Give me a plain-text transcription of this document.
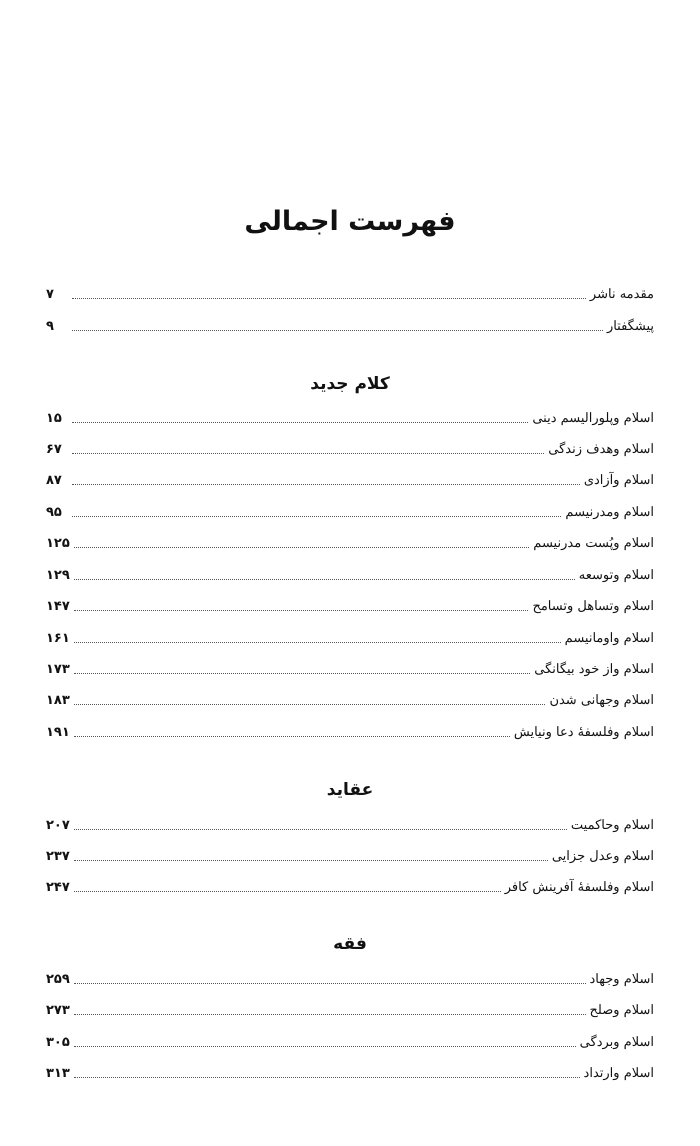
فهرست اجمالی
مقدمه ناشر
۷
پیشگفتار
۹
کلام جدید
اسلام وپلورالیسم دینی
۱۵
اسلام وهدف زندگی
۶۷
اسلام وآزادی
۸۷
اسلام ومدرنیسم
۹۵
اسلام وپُست مدرنیسم
۱۲۵
اسلام وتوسعه
۱۲۹
اسلام وتساهل وتسامح
۱۴۷
اسلام واومانیسم
۱۶۱
اسلام واز خود بیگانگی
۱۷۳
اسلام وجهانی شدن
۱۸۳
اسلام وفلسفهٔ دعا ونیایش
۱۹۱
عقاید
اسلام وحاکمیت
۲۰۷
اسلام وعدل جزایی
۲۳۷
اسلام وفلسفهٔ آفرینش کافر
۲۴۷
فقه
اسلام وجهاد
۲۵۹
اسلام وصلح
۲۷۳
اسلام وبردگی
۳۰۵
اسلام وارتداد
۳۱۳
